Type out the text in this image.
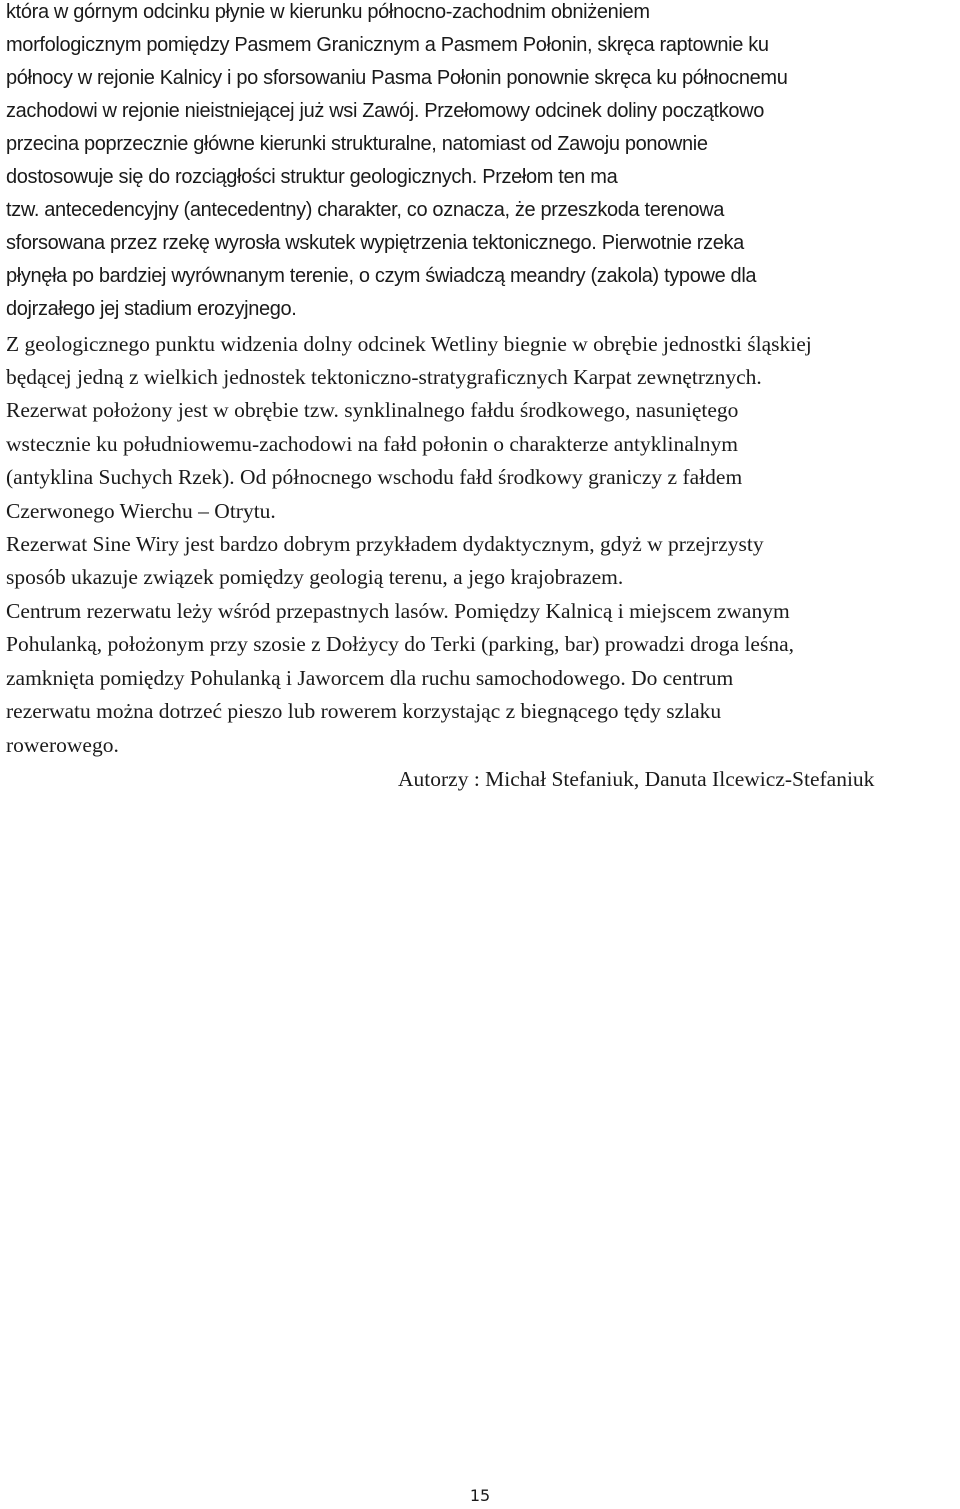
która w górnym odcinku płynie w kierunku północno-zachodnim obniżeniem
morfologicznym pomiędzy Pasmem Granicznym a Pasmem Połonin, skręca raptownie ku
północy w rejonie Kalnicy i po sforsowaniu Pasma Połonin ponownie skręca ku północnemu
zachodowi w rejonie nieistniejącej już wsi Zawój. Przełomowy odcinek doliny początkowo
przecina poprzecznie główne kierunki strukturalne, natomiast od Zawoju ponownie
dostosowuje się do rozciągłości struktur geologicznych. Przełom ten ma
tzw. antecedencyjny (antecedentny) charakter, co oznacza, że przeszkoda terenowa
sforsowana przez rzekę wyrosła wskutek wypiętrzenia tektonicznego. Pierwotnie rzeka
płynęła po bardziej wyrównanym terenie, o czym świadczą meandry (zakola) typowe dla
dojrzałego jej stadium erozyjnego.
Z geologicznego punktu widzenia dolny odcinek Wetliny biegnie w obrębie jednostki śląskiej
będącej jedną z wielkich jednostek tektoniczno-stratygraficznych Karpat zewnętrznych.
Rezerwat położony jest w obrębie tzw. synklinalnego fałdu środkowego, nasuniętego
wstecznie ku południowemu-zachodowi na fałd połonin o charakterze antyklinalnym
(antyklina Suchych Rzek). Od północnego wschodu fałd środkowy graniczy z fałdem
Czerwonego Wierchu – Otrytu.
Rezerwat Sine Wiry jest bardzo dobrym przykładem dydaktycznym, gdyż w przejrzysty
sposób ukazuje związek pomiędzy geologią terenu, a jego krajobrazem.
Centrum rezerwatu leży wśród przepastnych lasów. Pomiędzy Kalnicą i miejscem zwanym
Pohulanką, położonym przy szosie z Dołżycy do Terki (parking, bar) prowadzi droga leśna,
zamknięta pomiędzy Pohulanką i Jaworcem dla ruchu samochodowego. Do centrum
rezerwatu można dotrzeć pieszo lub rowerem korzystając z biegnącego tędy szlaku
rowerowego.
Autorzy : Michał Stefaniuk, Danuta Ilcewicz-Stefaniuk
15
